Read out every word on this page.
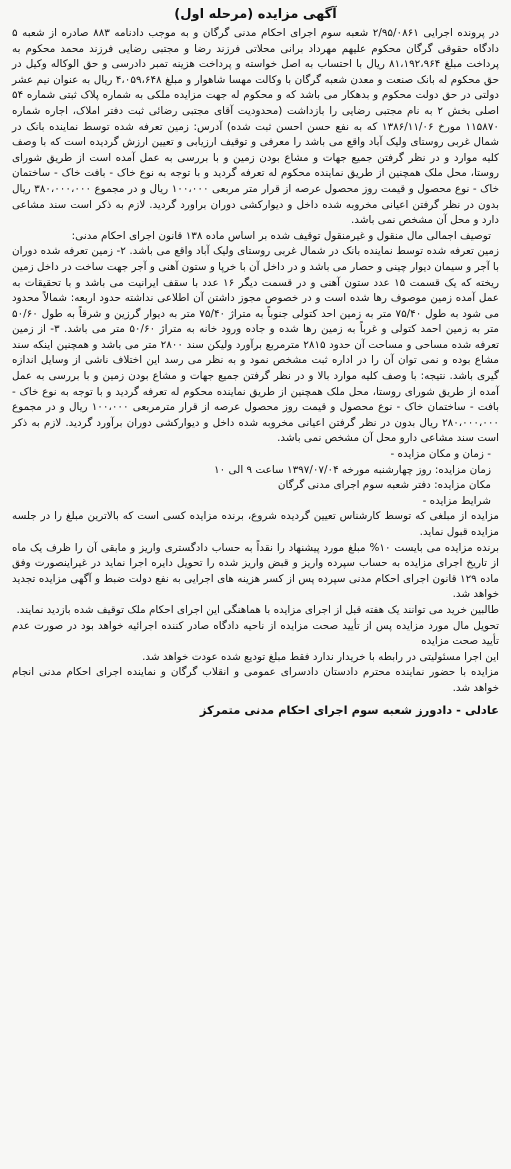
آگهی مزایده (مرحله اول)

در پرونده اجرایی ۲/۹۵/۰۸۶۱ شعبه سوم اجرای احکام مدنی گرگان و به موجب دادنامه ۸۸۳ صادره از شعبه ۵ دادگاه حقوقی گرگان محکوم علیهم مهرداد برانی محلاتی فرزند رضا و مجتبی رضایی فرزند محمد محکوم به پرداخت مبلغ ۸۱،۱۹۲،۹۶۴ ریال با احتساب به اصل خواسته و پرداخت هزینه تمبر دادرسی و حق الوکاله وکیل در حق محکوم له بانک صنعت و معدن شعبه گرگان با وکالت مهسا شاهوار و مبلغ ۴،۰۵۹،۶۴۸ ریال به عنوان نیم عشر دولتی در حق دولت محکوم و بدهکار می باشد که و محکوم له جهت مزایده ملکی به شماره پلاک ثبتی شماره ۵۴ اصلی بخش ۲ به نام مجتبی رضایی را بازداشت (محدودیت آقای مجتبی رضائی ثبت دفتر املاک، اجاره شماره ۱۱۵۸۷۰ مورخ ۱۳۸۶/۱۱/۰۶ که به نفع حسن احسن ثبت شده) آدرس: زمین تعرفه شده توسط نماینده بانک در شمال غربی روستای ولیک آباد واقع می باشد را معرفی و توقیف ارزیابی و تعیین ارزش گردیده است که با وصف کلیه موارد و در نظر گرفتن جمیع جهات و مشاع بودن زمین و با بررسی به عمل آمده است از طریق شورای روستا، محل ملک همچنین از طریق نماینده محکوم له تعرفه گردید و با توجه به نوع خاک - بافت خاک - ساختمان خاک - نوع محصول و قیمت روز محصول عرصه از قرار متر مربعی ۱۰۰،۰۰۰ ریال و در مجموع ۳۸۰،۰۰۰،۰۰۰ ریال بدون در نظر گرفتن اعیانی مخروبه شده داخل و دیوارکشی دوران براورد گردید. لازم به ذکر است سند مشاعی دارد و محل آن مشخص نمی باشد.

توصیف اجمالی مال منقول و غیرمنقول توقیف شده بر اساس ماده ۱۳۸ قانون اجرای احکام مدنی:

زمین تعرفه شده توسط نماینده بانک در شمال غربی روستای ولیک آباد واقع می باشد. ۲- زمین تعرفه شده دوران با آجر و سیمان دیوار چینی و حصار می باشد و در داخل آن با خرپا و ستون آهنی و آجر جهت ساخت در داخل زمین ریخته که یک قسمت ۱۵ عدد ستون آهنی و در قسمت دیگر ۱۶ عدد با سقف ایرانیت می باشد و با تحقیقات به عمل آمده زمین موصوف رها شده است و در خصوص مجوز داشتن آن اطلاعی نداشته حدود اربعه: شمالاً محدود می شود به طول ۷۵/۴۰ متر به زمین احد کتولی جنوباً به متراژ ۷۵/۴۰ متر به دیوار گرزین و شرقاً به طول ۵۰/۶۰ متر به زمین احمد کتولی و غرباً به زمین رها شده و جاده ورود خانه به متراژ ۵۰/۶۰ متر می باشد. ۳- از زمین تعرفه شده مساحی و مساحت آن حدود ۲۸۱۵ مترمربع برآورد ولیکن سند ۲۸۰۰ متر می باشد و همچنین اینکه سند مشاع بوده و نمی توان آن را در اداره ثبت مشخص نمود و به نظر می رسد این اختلاف ناشی از وسایل اندازه گیری باشد. نتیجه: با وصف کلیه موارد بالا و در نظر گرفتن جمیع جهات و مشاع بودن زمین و با بررسی به عمل آمده از طریق شورای روستا، محل ملک همچنین از طریق نماینده محکوم له تعرفه گردید و با توجه به نوع خاک - بافت - ساختمان خاک - نوع محصول و قیمت روز محصول عرصه از قرار مترمربعی ۱۰۰،۰۰۰ ریال و در مجموع ۲۸۰،۰۰۰،۰۰۰ ریال بدون در نظر گرفتن اعیانی مخروبه شده داخل و دیوارکشی دوران برآورد گردید. لازم به ذکر است سند مشاعی دارو محل آن مشخص نمی باشد.

- زمان و مکان مزایده -

زمان مزایده: روز چهارشنبه مورخه ۱۳۹۷/۰۷/۰۴ ساعت ۹ الی ۱۰

مکان مزایده: دفتر شعبه سوم اجرای مدنی گرگان

شرایط مزایده -

مزایده از مبلغی که توسط کارشناس تعیین گردیده شروع، برنده مزایده کسی است که بالاترین مبلغ را در جلسه مزایده قبول نماید.

برنده مزایده می بایست ۱۰% مبلغ مورد پیشنهاد را نقداً به حساب دادگستری واریز و مابقی آن را ظرف یک ماه از تاریخ اجرای مزایده به حساب سپرده واریز و قبض واریز شده را تحویل دایره اجرا نماید در غیراینصورت وفق ماده ۱۲۹ قانون اجرای احکام مدنی سپرده پس از کسر هزینه های اجرایی به نفع دولت ضبط و آگهی مزایده تجدید خواهد شد.

طالبین خرید می توانند یک هفته قبل از اجرای مزایده با هماهنگی این اجرای احکام ملک توقیف شده بازدید نمایند.

تحویل مال مورد مزایده پس از تأیید صحت مزایده از ناحیه دادگاه صادر کننده اجرائیه خواهد بود در صورت عدم تأیید صحت مزایده

این اجرا مسئولیتی در رابطه با خریدار ندارد فقط مبلغ تودیع شده عودت خواهد شد.

مزایده با حضور نماینده محترم دادستان دادسرای عمومی و انقلاب گرگان و نماینده اجرای احکام مدنی انجام خواهد شد.

عادلی - دادورز شعبه سوم اجرای احکام مدنی متمرکز
